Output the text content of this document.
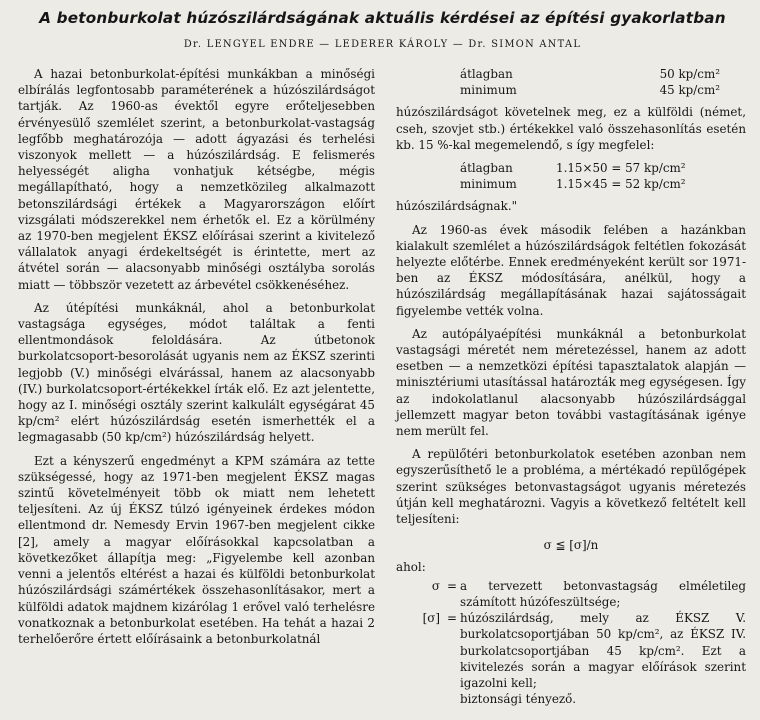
A betonburkolat húzószilárdságának aktuális kérdései az építési gyakorlatban
Dr. LENGYEL ENDRE — LEDERER KÁROLY — Dr. SIMON ANTAL

A hazai betonburkolat-építési munkákban a minőségi elbírálás legfontosabb paraméterének a húzószilárdságot tartják. Az 1960-as évektől egyre erőteljesebben érvényesülő szemlélet szerint, a betonburkolat-vastagság legfőbb meghatározója — adott ágyazási és terhelési viszonyok mellett — a húzószilárdság. E felismerés helyességét aligha vonhatjuk kétségbe, mégis megállapítható, hogy a nemzetközileg alkalmazott betonszilárdsági értékek a Magyarországon előírt vizsgálati módszerekkel nem érhetők el. Ez a körülmény az 1970-ben megjelent ÉKSZ előírásai szerint a kivitelező vállalatok anyagi érdekeltségét is érintette, mert az átvétel során — alacsonyabb minőségi osztályba sorolás miatt — többször vezetett az árbevétel csökkenéséhez.

Az útépítési munkáknál, ahol a betonburkolat vastagsága egységes, módot találtak a fenti ellentmondások feloldására. Az útbetonok burkolatcsoport-besorolását ugyanis nem az ÉKSZ szerinti legjobb (V.) minőségi elvárással, hanem az alacsonyabb (IV.) burkolatcsoport-értékekkel írták elő. Ez azt jelentette, hogy az I. minőségi osztály szerint kalkulált egységárat 45 kp/cm² elért húzószilárdság esetén ismerhették el a legmagasabb (50 kp/cm²) húzószilárdság helyett.

Ezt a kényszerű engedményt a KPM számára az tette szükségessé, hogy az 1971-ben megjelent ÉKSZ magas szintű követelményeit több ok miatt nem lehetett teljesíteni. Az új ÉKSZ túlzó igényeinek érdekes módon ellentmond dr. Nemesdy Ervin 1967-ben megjelent cikke [2], amely a magyar előírásokkal kapcsolatban a következőket állapítja meg: „Figyelembe kell azonban venni a jelentős eltérést a hazai és külföldi betonburkolat húzószilárdsági számértékek összehasonlításakor, mert a külföldi adatok majdnem kizárólag 1 erővel való terhelésre vonatkoznak a betonburkolat esetében. Ha tehát a hazai 2 terhelőerőre értett előírásaink a betonburkolatnál

átlagban	50 kp/cm²
minimum	45 kp/cm²

húzószilárdságot követelnek meg, ez a külföldi (német, cseh, szovjet stb.) értékekkel való összehasonlítás esetén kb. 15 %-kal megemelendő, s így megfelel:

átlagban	1.15×50 = 57 kp/cm²
minimum	1.15×45 = 52 kp/cm²

húzószilárdságnak."

Az 1960-as évek második felében a hazánkban kialakult szemlélet a húzószilárdságok feltétlen fokozását helyezte előtérbe. Ennek eredményeként került sor 1971-ben az ÉKSZ módosítására, anélkül, hogy a húzószilárdság megállapításának hazai sajátosságait figyelembe vették volna.

Az autópályaépítési munkáknál a betonburkolat vastagsági méretét nem méretezéssel, hanem az adott esetben — a nemzetközi építési tapasztalatok alapján — minisztériumi utasítással határozták meg egységesen. Így az indokolatlanul alacsonyabb húzószilárdsággal jellemzett magyar beton további vastagításának igénye nem merült fel.

A repülőtéri betonburkolatok esetében azonban nem egyszerűsíthető le a probléma, a mértékadó repülőgépek szerint szükséges betonvastagságot ugyanis méretezés útján kell meghatározni. Vagyis a következő feltételt kell teljesíteni:

σ ≦ [σ]/n
ahol:
σ	=	a tervezett betonvastagság elméletileg számított húzófeszültsége;
[σ]	=	húzószilárdság, mely az ÉKSZ V. burkolatcsoportjában 50 kp/cm², az ÉKSZ IV. burkolatcsoportjában 45 kp/cm². Ezt a kivitelezés során a magyar előírások szerint igazolni kell;
		biztonsági tényező.
